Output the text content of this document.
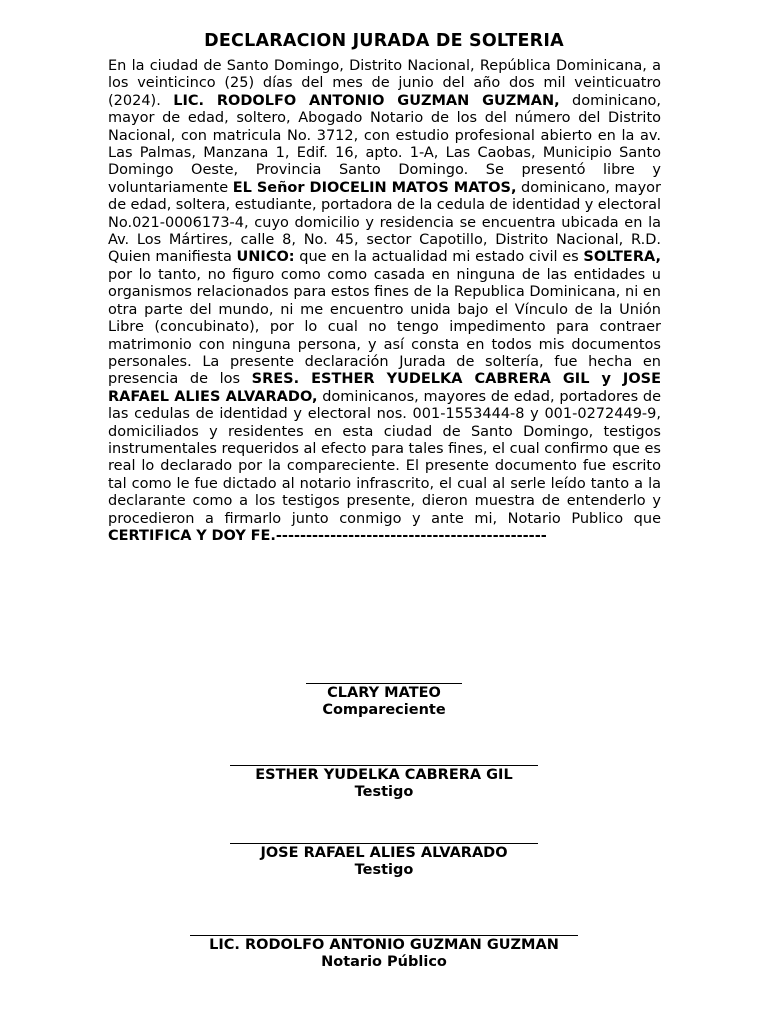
DECLARACION JURADA DE SOLTERIA

En la ciudad de Santo Domingo, Distrito Nacional, República Dominicana, a los veinticinco (25) días del mes de junio del año dos mil veinticuatro (2024). LIC. RODOLFO ANTONIO GUZMAN GUZMAN, dominicano, mayor de edad, soltero, Abogado Notario de los del número del Distrito Nacional, con matricula No. 3712, con estudio profesional abierto en la av. Las Palmas, Manzana 1, Edif. 16, apto. 1-A, Las Caobas, Municipio Santo Domingo Oeste, Provincia Santo Domingo. Se presentó libre y voluntariamente EL Señor DIOCELIN MATOS MATOS, dominicano, mayor de edad, soltera, estudiante, portadora de la cedula de identidad y electoral No.021-0006173-4, cuyo domicilio y residencia se encuentra ubicada en la Av. Los Mártires, calle 8, No. 45, sector Capotillo, Distrito Nacional, R.D. Quien manifiesta UNICO: que en la actualidad mi estado civil es SOLTERA, por lo tanto, no figuro como como casada en ninguna de las entidades u organismos relacionados para estos fines de la Republica Dominicana, ni en otra parte del mundo, ni me encuentro unida bajo el Vínculo de la Unión Libre (concubinato), por lo cual no tengo impedimento para contraer matrimonio con ninguna persona, y así consta en todos mis documentos personales. La presente declaración Jurada de soltería, fue hecha en presencia de los SRES. ESTHER YUDELKA CABRERA GIL y JOSE RAFAEL ALIES ALVARADO, dominicanos, mayores de edad, portadores de las cedulas de identidad y electoral nos. 001-1553444-8 y 001-0272449-9, domiciliados y residentes en esta ciudad de Santo Domingo, testigos instrumentales requeridos al efecto para tales fines, el cual confirmo que es real lo declarado por la compareciente. El presente documento fue escrito tal como le fue dictado al notario infrascrito, el cual al serle leído tanto a la declarante como a los testigos presente, dieron muestra de entenderlo y procedieron a firmarlo junto conmigo y ante mi, Notario Publico que CERTIFICA Y DOY FE.---------------------------------------------

CLARY MATEO
Compareciente
ESTHER YUDELKA CABRERA GIL
Testigo
JOSE RAFAEL ALIES ALVARADO
Testigo
LIC. RODOLFO ANTONIO GUZMAN GUZMAN
Notario Público
